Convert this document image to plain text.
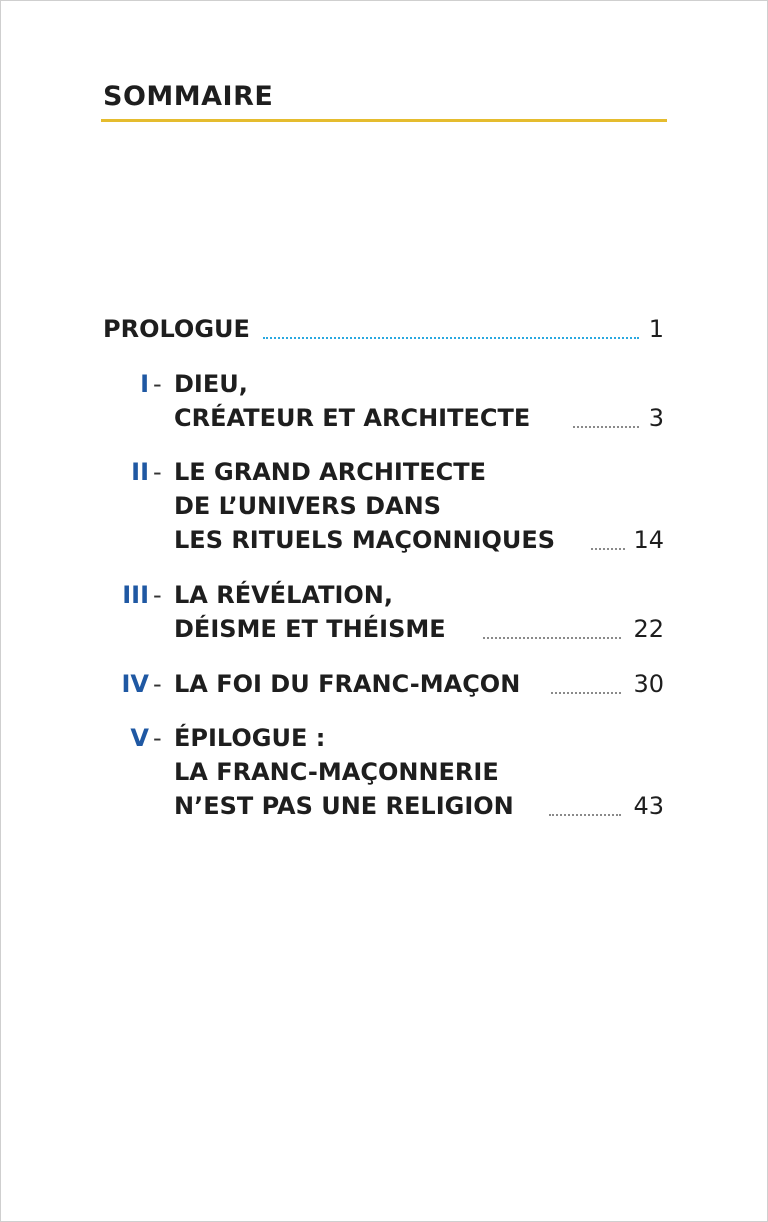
SOMMAIRE
PROLOGUE	1
I - DIEU,
CRÉATEUR ET ARCHITECTE	3
II - LE GRAND ARCHITECTE
DE L’UNIVERS DANS
LES RITUELS MAÇONNIQUES	14
III - LA RÉVÉLATION,
DÉISME ET THÉISME	22
IV - LA FOI DU FRANC-MAÇON	30
V - ÉPILOGUE :
LA FRANC-MAÇONNERIE
N’EST PAS UNE RELIGION	43
